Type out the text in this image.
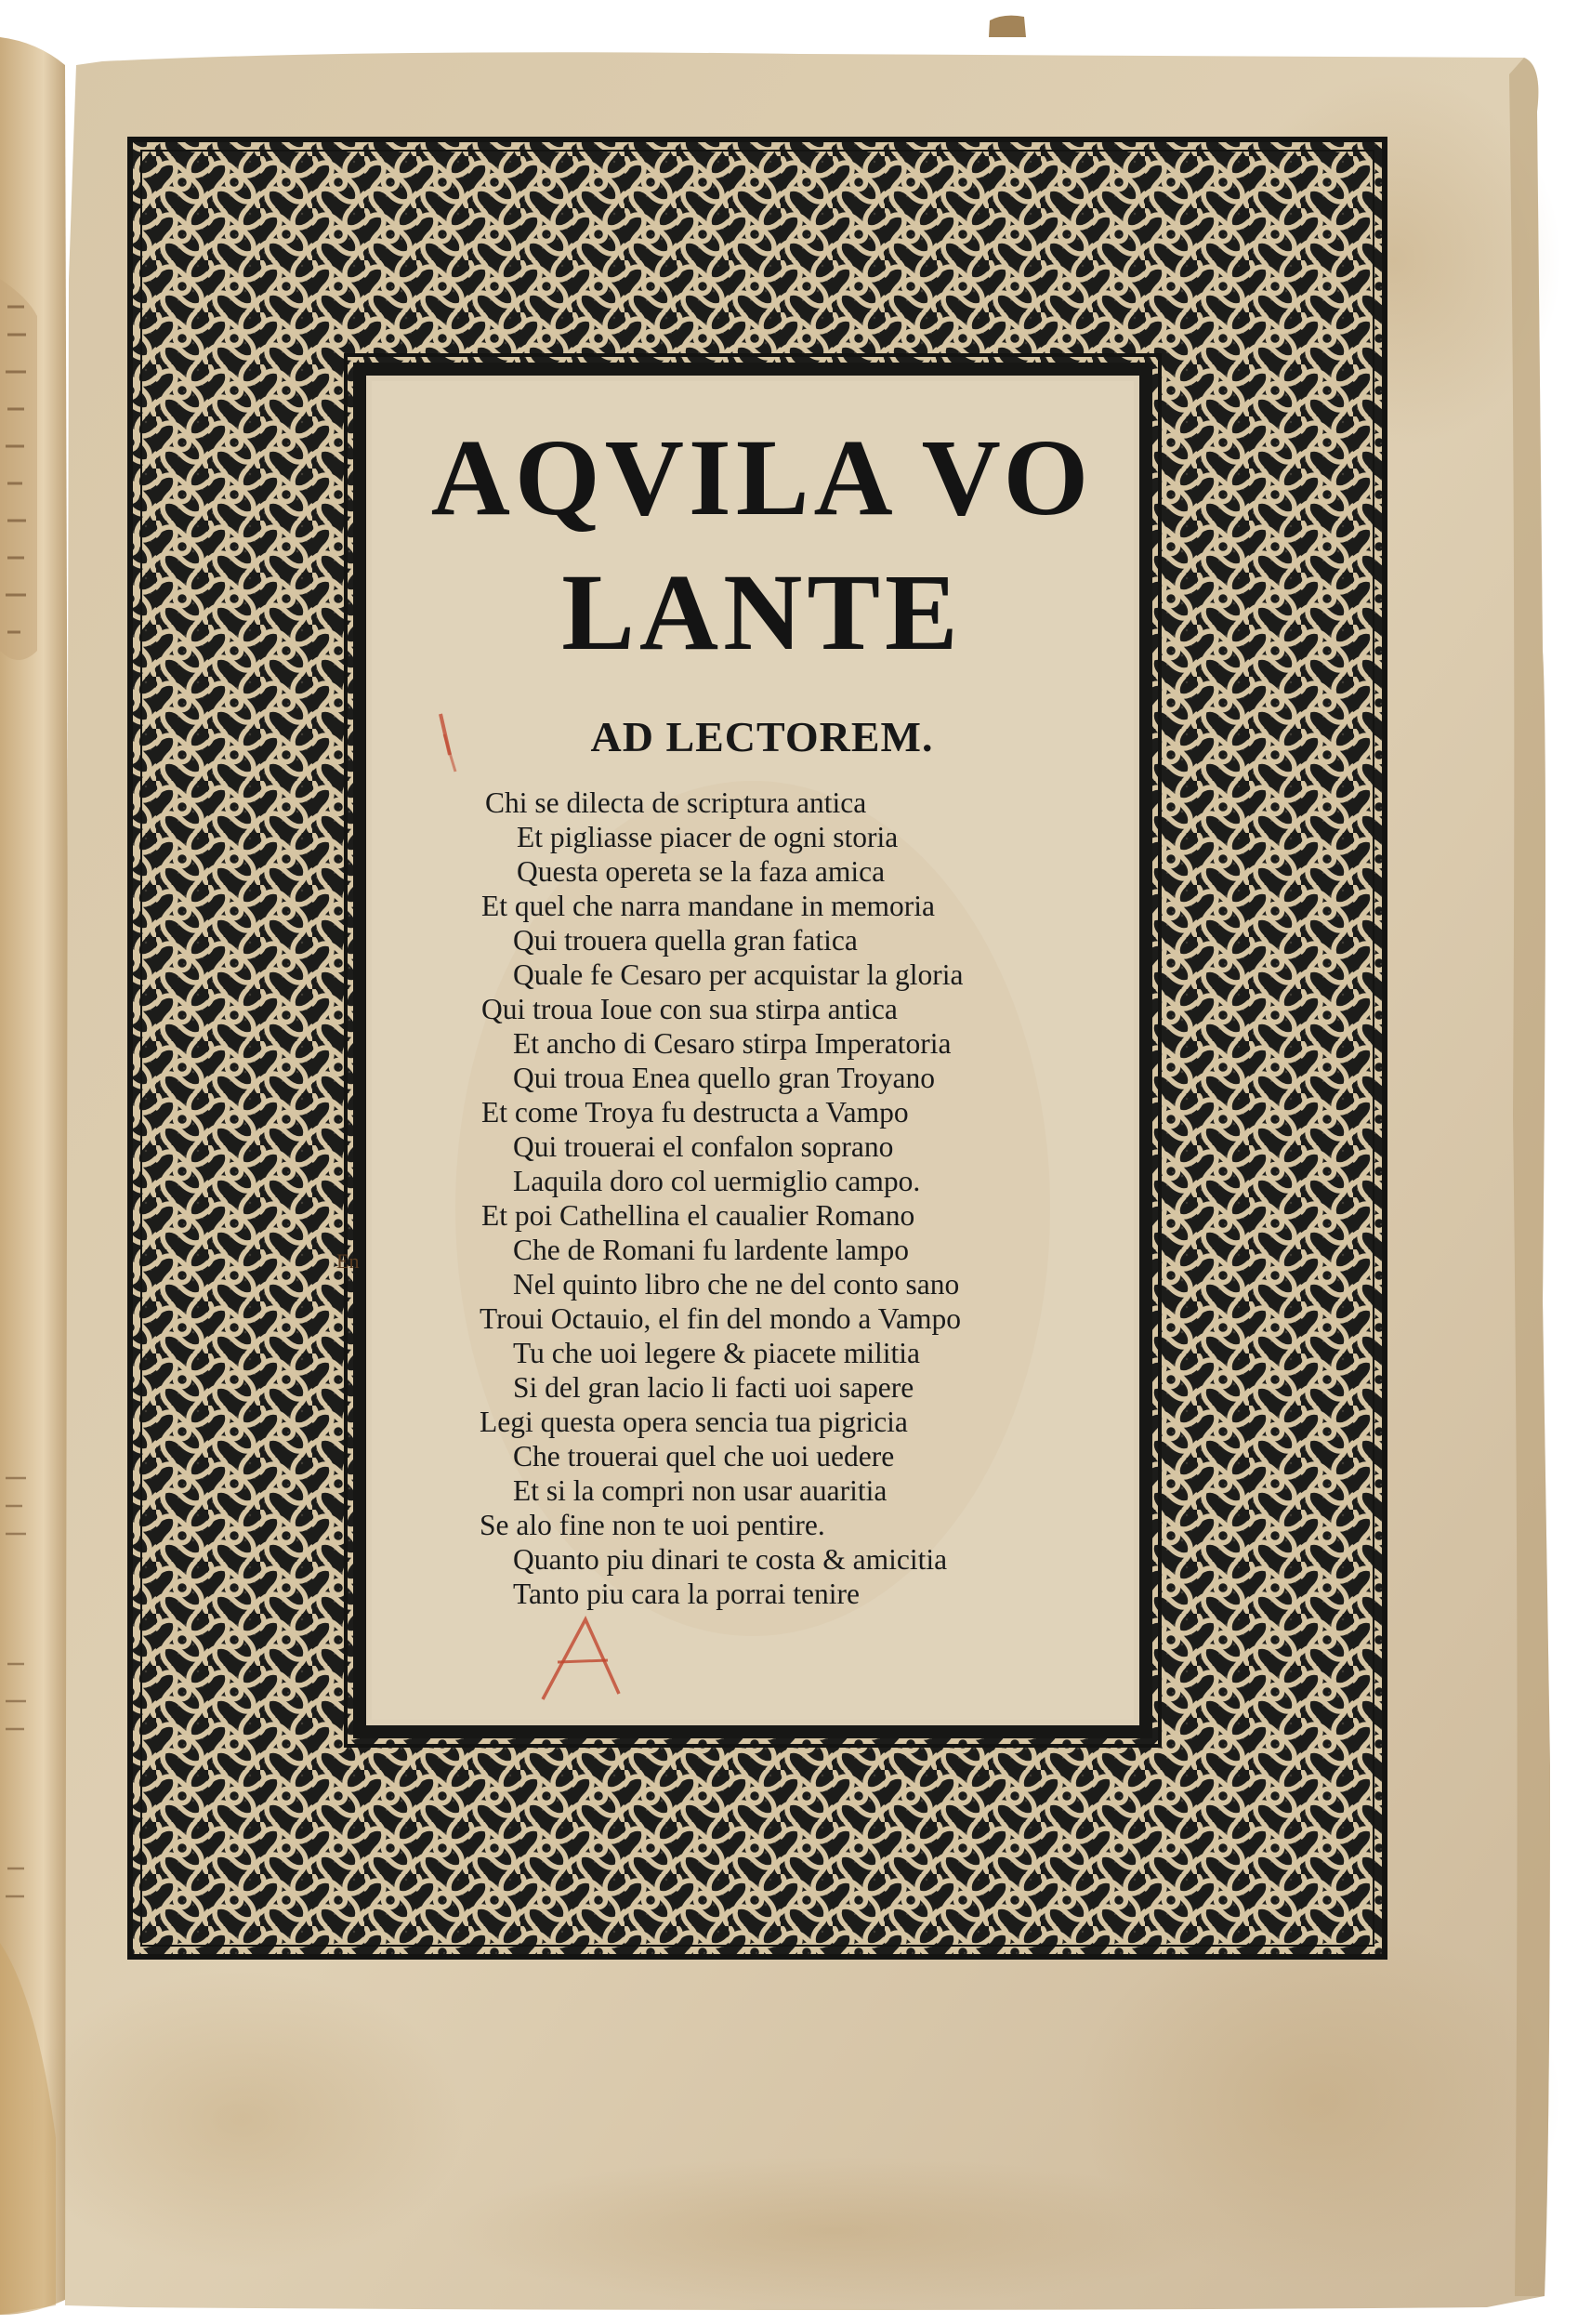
AQVILA VO
LANTE
AD LECTOREM.
Chi se dilecta de scriptura antica
Et pigliasse piacer de ogni storia
Questa opereta se la faza amica
Et quel che narra mandane in memoria
Qui trouera quella gran fatica
Quale fe Cesaro per acquistar la gloria
Qui troua Ioue con sua stirpa antica
Et ancho di Cesaro stirpa Imperatoria
Qui troua Enea quello gran Troyano
Et come Troya fu destructa a Vampo
Qui trouerai el confalon soprano
Laquila doro col uermiglio campo.
Et poi Cathellina el caualier Romano
Che de Romani fu lardente lampo
Nel quinto libro che ne del conto sano
Troui Octauio, el fin del mondo a Vampo
Tu che uoi legere & piacete militia
Si del gran lacio li facti uoi sapere
Legi questa opera sencia tua pigricia
Che trouerai quel che uoi uedere
Et si la compri non usar auaritia
Se alo fine non te uoi pentire.
Quanto piu dinari te costa & amicitia
Tanto piu cara la porrai tenire
En
